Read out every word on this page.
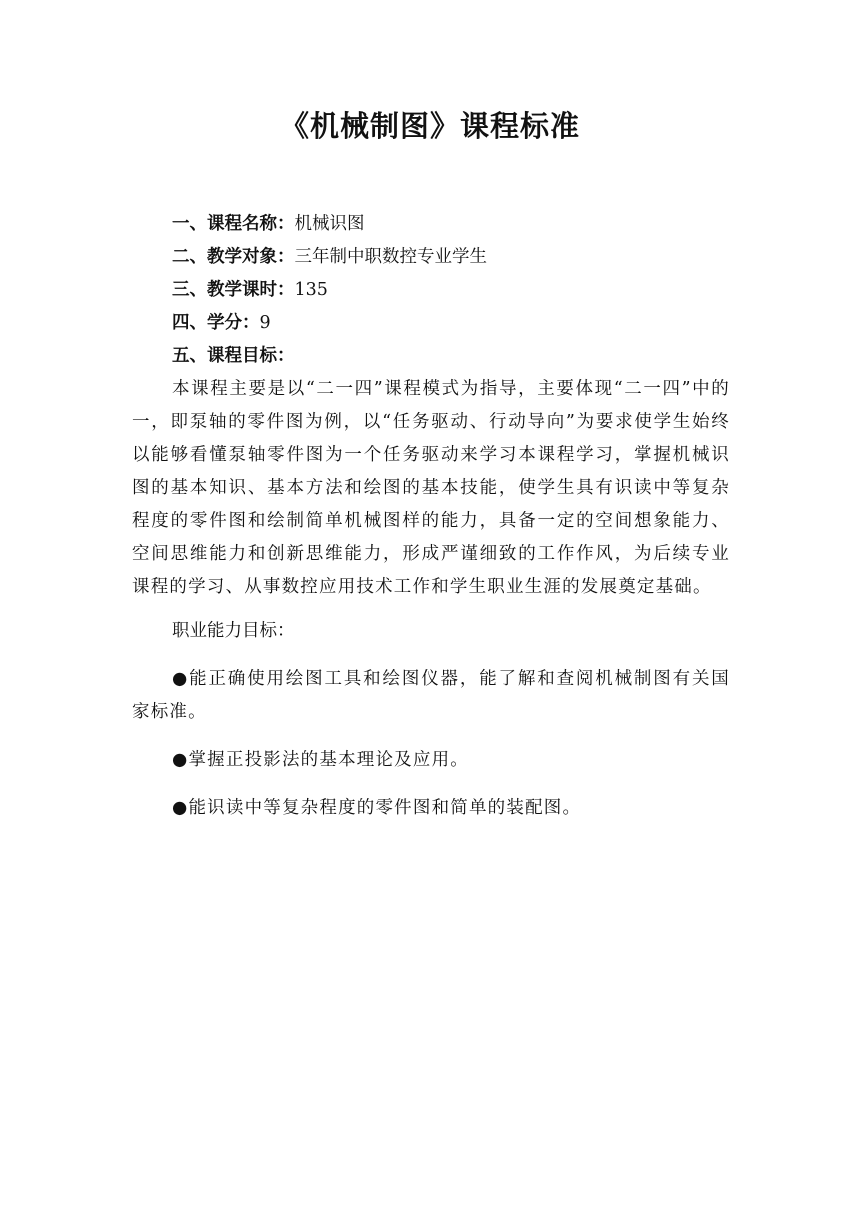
《机械制图》课程标准
一、课程名称：机械识图
二、教学对象：三年制中职数控专业学生
三、教学课时：135
四、学分：9
五、课程目标：

本课程主要是以“二一四”课程模式为指导，主要体现“二一四”中的一，即泵轴的零件图为例，以“任务驱动、行动导向”为要求使学生始终以能够看懂泵轴零件图为一个任务驱动来学习本课程学习，掌握机械识图的基本知识、基本方法和绘图的基本技能，使学生具有识读中等复杂程度的零件图和绘制简单机械图样的能力，具备一定的空间想象能力、空间思维能力和创新思维能力，形成严谨细致的工作作风，为后续专业课程的学习、从事数控应用技术工作和学生职业生涯的发展奠定基础。

职业能力目标：

●能正确使用绘图工具和绘图仪器，能了解和查阅机械制图有关国家标准。

●掌握正投影法的基本理论及应用。

●能识读中等复杂程度的零件图和简单的装配图。
